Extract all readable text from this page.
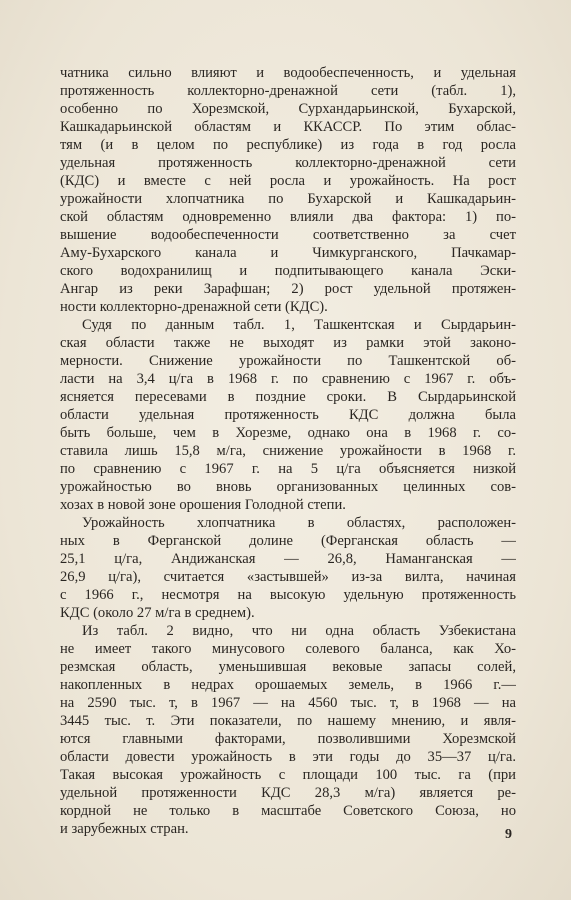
чатника сильно влияют и водообеспеченность, и удельная
протяженность коллекторно-дренажной сети (табл. 1),
особенно по Хорезмской, Сурхандарьинской, Бухарской,
Кашкадарьинской областям и ККАССР. По этим облас-
тям (и в целом по республике) из года в год росла
удельная протяженность коллекторно-дренажной сети
(КДС) и вместе с ней росла и урожайность. На рост
урожайности хлопчатника по Бухарской и Кашкадарьин-
ской областям одновременно влияли два фактора: 1) по-
вышение водообеспеченности соответственно за счет
Аму-Бухарского канала и Чимкурганского, Пачкамар-
ского водохранилищ и подпитывающего канала Эски-
Ангар из реки Зарафшан; 2) рост удельной протяжен-
ности коллекторно-дренажной сети (КДС).
Судя по данным табл. 1, Ташкентская и Сырдарьин-
ская области также не выходят из рамки этой законо-
мерности. Снижение урожайности по Ташкентской об-
ласти на 3,4 ц/га в 1968 г. по сравнению с 1967 г. объ-
ясняется пересевами в поздние сроки. В Сырдарьинской
области удельная протяженность КДС должна была
быть больше, чем в Хорезме, однако она в 1968 г. со-
ставила лишь 15,8 м/га, снижение урожайности в 1968 г.
по сравнению с 1967 г. на 5 ц/га объясняется низкой
урожайностью во вновь организованных целинных сов-
хозах в новой зоне орошения Голодной степи.
Урожайность хлопчатника в областях, расположен-
ных в Ферганской долине (Ферганская область —
25,1 ц/га, Андижанская — 26,8, Наманганская —
26,9 ц/га), считается «застывшей» из-за вилта, начиная
с 1966 г., несмотря на высокую удельную протяженность
КДС (около 27 м/га в среднем).
Из табл. 2 видно, что ни одна область Узбекистана
не имеет такого минусового солевого баланса, как Хо-
резмская область, уменьшившая вековые запасы солей,
накопленных в недрах орошаемых земель, в 1966 г.—
на 2590 тыс. т, в 1967 — на 4560 тыс. т, в 1968 — на
3445 тыс. т. Эти показатели, по нашему мнению, и явля-
ются главными факторами, позволившими Хорезмской
области довести урожайность в эти годы до 35—37 ц/га.
Такая высокая урожайность с площади 100 тыс. га (при
удельной протяженности КДС 28,3 м/га) является ре-
кордной не только в масштабе Советского Союза, но
и зарубежных стран.	9
